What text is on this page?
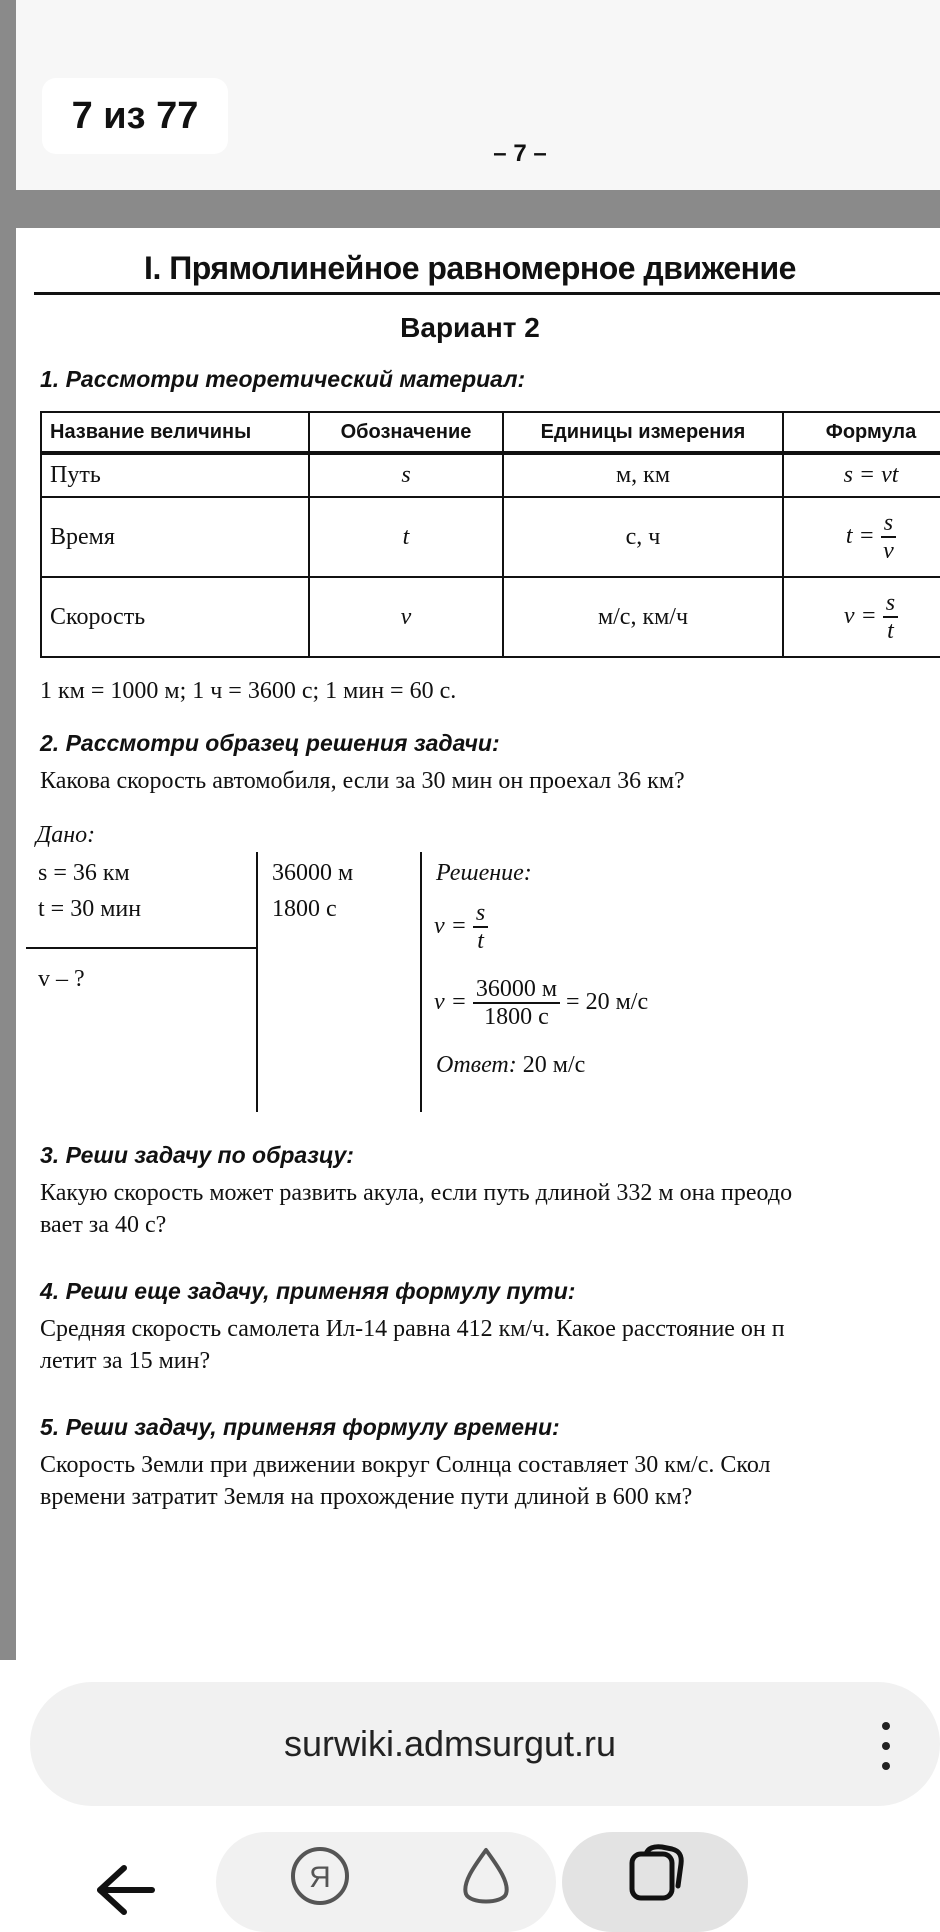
7 из 77
– 7 –
I. Прямолинейное равномерное движение
Вариант 2
1. Рассмотри теоретический материал:
Название величины	Обозначение	Единицы измерения	Формула
Путь	s	м, км	s = vt
Время	t	с, ч	$t = \frac{s}{v}$

Скорость	v	м/с, км/ч	$v = \frac{s}{t}$
1 км = 1000 м; 1 ч = 3600 с; 1 мин = 60 с.
2. Рассмотри образец решения задачи:
Какова скорость автомобиля, если за 30 мин он проехал 36 км?
Дано:
s = 36 км
t = 30 мин
v – ?
36000 м
1800 с
Решение:
$v = \frac{s}{t}$
$v = \frac{36000 м}{1800 с} = 20$ м/с
Ответ: 20 м/с
3. Реши задачу по образцу:
Какую скорость может развить акула, если путь длиной 332 м она преодо
вает за 40 с?
4. Реши еще задачу, применяя формулу пути:
Средняя скорость самолета Ил-14 равна 412 км/ч. Какое расстояние он п
летит за 15 мин?
5. Реши задачу, применяя формулу времени:
Скорость Земли при движении вокруг Солнца составляет 30 км/с. Скол
времени затратит Земля на прохождение пути длиной в 600 км?
surwiki.admsurgut.ru
Я
